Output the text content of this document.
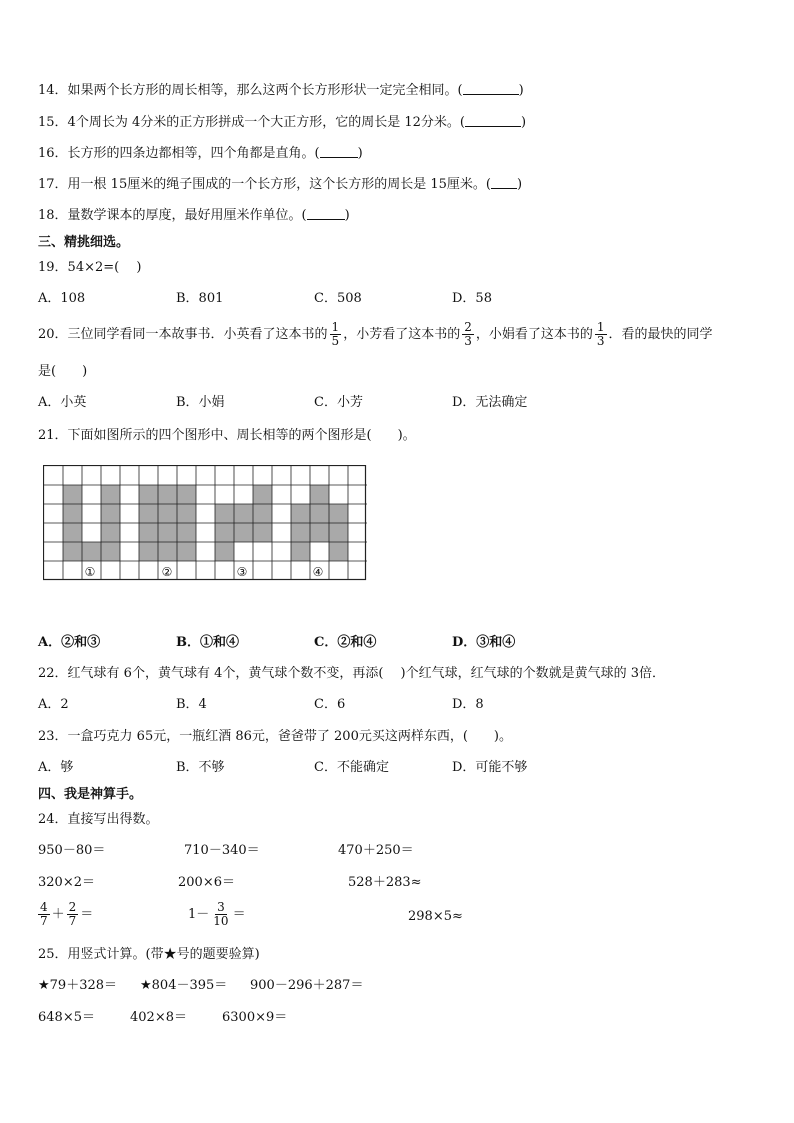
14．如果两个长方形的周长相等，那么这两个长方形形状一定完全相同。(	)
15．4个周长为 4分米的正方形拼成一个大正方形，它的周长是 12分米。(	)
16．长方形的四条边都相等，四个角都是直角。(	)
17．用一根 15厘米的绳子围成的一个长方形，这个长方形的周长是 15厘米。( )
18．量数学课本的厚度，最好用厘米作单位。(	)
三、精挑细选。
19．54×2=(　 )
A．108	B．801	C．508	D．58
20．三位同学看同一本故事书．小英看了这本书的 $\frac{1}{5}$ ，小芳看了这本书的 $\frac{2}{3}$ ，小娟看了这本书的 $\frac{1}{3}$ ．看的最快的同学
是(　　)
A．小英	B．小娟	C．小芳	D．无法确定
21．下面如图所示的四个图形中、周长相等的两个图形是(　　)。
①	②	③	④
A．②和③	B．①和④	C．②和④	D．③和④
22．红气球有 6个，黄气球有 4个，黄气球个数不变，再添(　 )个红气球，红气球的个数就是黄气球的 3倍．
A．2	B．4	C．6	D．8
23．一盒巧克力 65元，一瓶红酒 86元，爸爸带了 200元买这两样东西，(　　)。
A．够	B．不够	C．不能确定	D．可能不够
四、我是神算手。
24．直接写出得数。
950－80＝	710－340＝	470＋250＝
320×2＝	200×6＝	528＋283≈
$\frac{4}{7} + \frac{2}{7}$ ＝	$1- \frac{3}{10}$ ＝	298×5≈
25．用竖式计算。(带★号的题要验算)
★79＋328＝ ★804－395＝ 900－296＋287＝
648×5＝	402×8＝	6300×9＝
